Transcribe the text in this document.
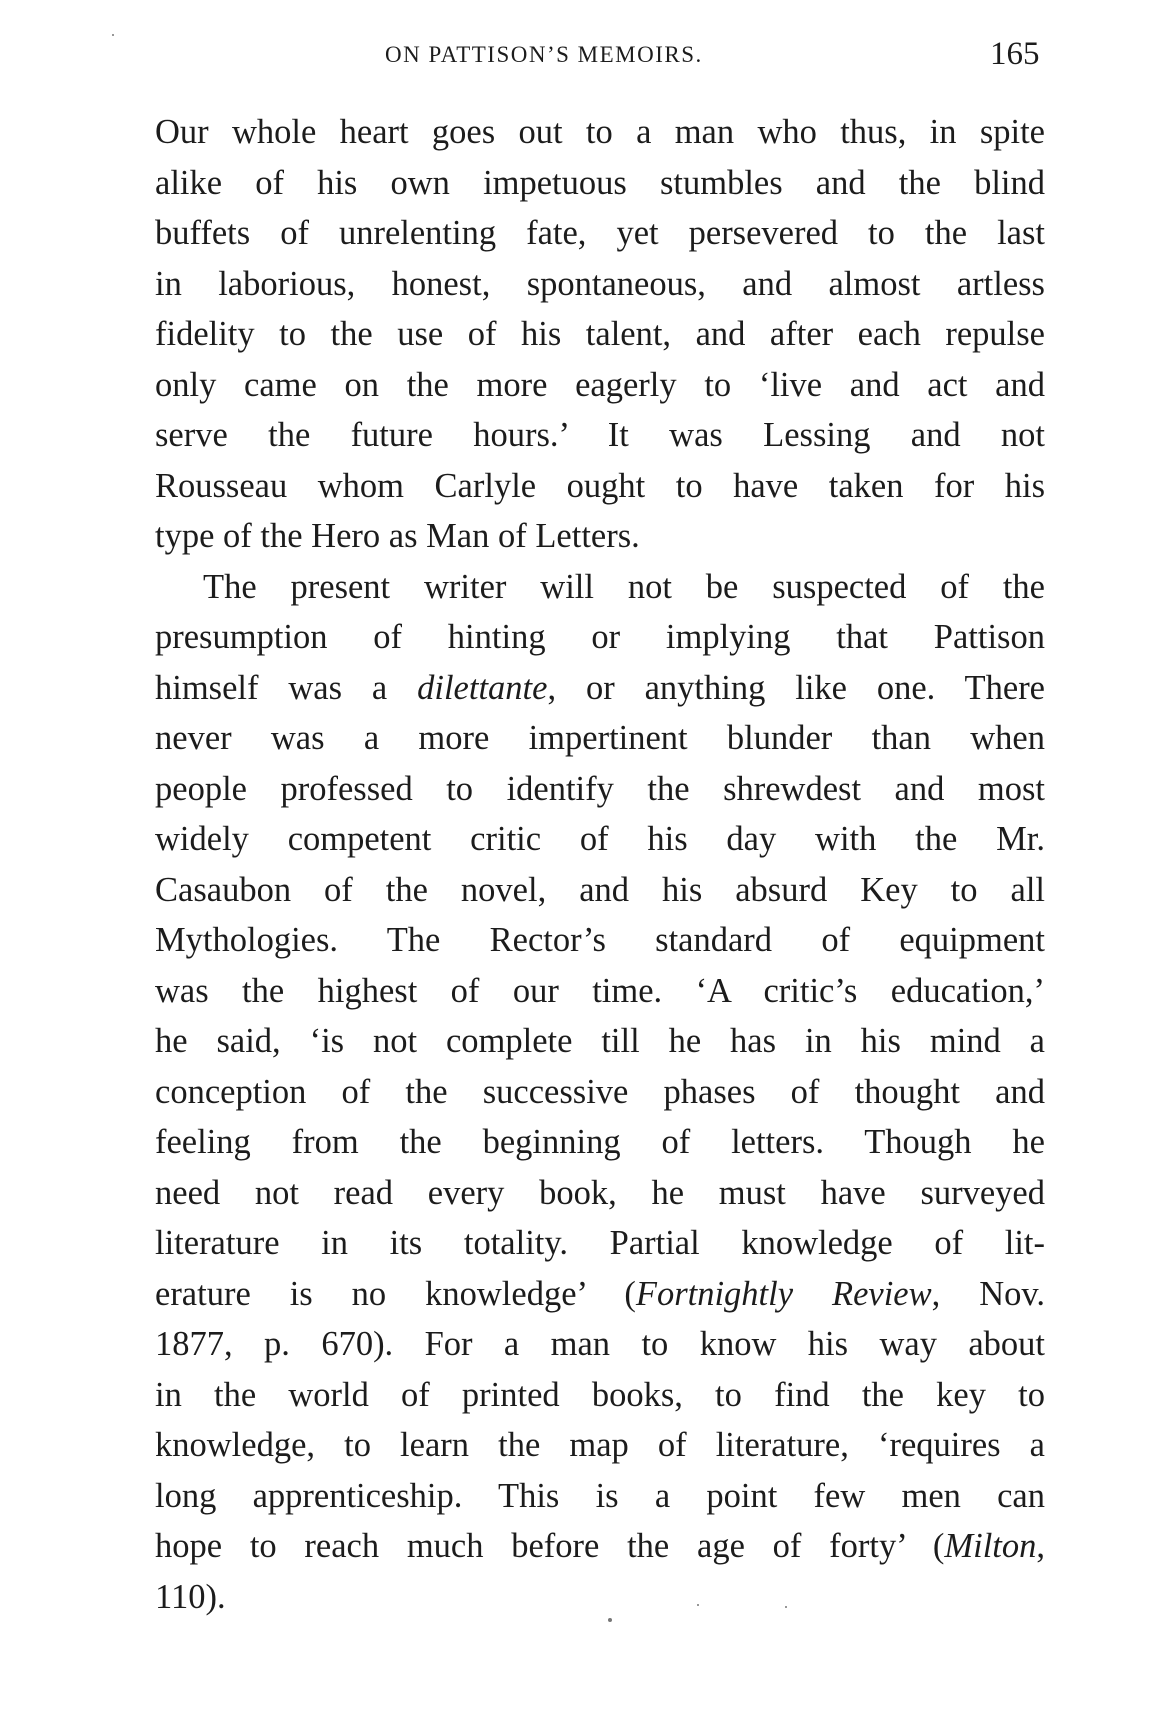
ON PATTISON’S MEMOIRS.	165
Our whole heart goes out to a man who thus, in spite
alike of his own impetuous stumbles and the blind
buffets of unrelenting fate, yet persevered to the last
in laborious, honest, spontaneous, and almost artless
fidelity to the use of his talent, and after each repulse
only came on the more eagerly to ‘live and act and
serve the future hours.’ It was Lessing and not
Rousseau whom Carlyle ought to have taken for his
type of the Hero as Man of Letters.
The present writer will not be suspected of the
presumption of hinting or implying that Pattison
himself was a dilettante, or anything like one. There
never was a more impertinent blunder than when
people professed to identify the shrewdest and most
widely competent critic of his day with the Mr.
Casaubon of the novel, and his absurd Key to all
Mythologies. The Rector’s standard of equipment
was the highest of our time. ‘A critic’s education,’
he said, ‘is not complete till he has in his mind a
conception of the successive phases of thought and
feeling from the beginning of letters. Though he
need not read every book, he must have surveyed
literature in its totality. Partial knowledge of lit-
erature is no knowledge’ (Fortnightly Review, Nov.
1877, p. 670). For a man to know his way about
in the world of printed books, to find the key to
knowledge, to learn the map of literature, ‘requires a
long apprenticeship. This is a point few men can
hope to reach much before the age of forty’ (Milton,
110).
